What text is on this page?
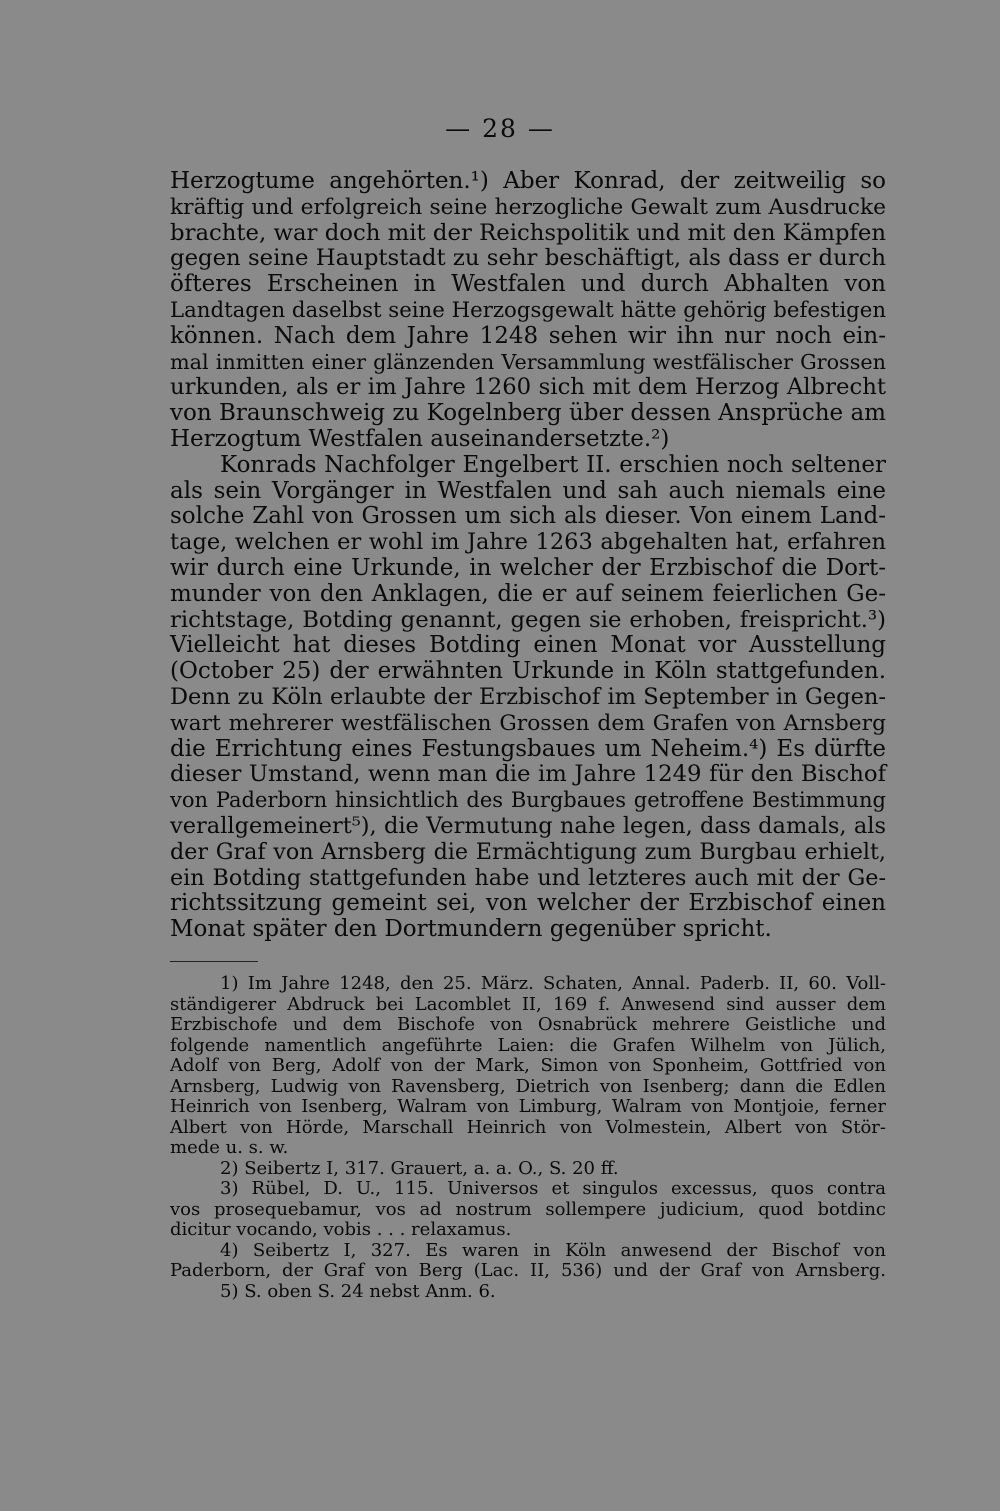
— 28 —
Herzogtume angehörten.¹) Aber Konrad, der zeitweilig so
kräftig und erfolgreich seine herzogliche Gewalt zum Ausdrucke
brachte, war doch mit der Reichspolitik und mit den Kämpfen
gegen seine Hauptstadt zu sehr beschäftigt, als dass er durch
öfteres Erscheinen in Westfalen und durch Abhalten von
Landtagen daselbst seine Herzogsgewalt hätte gehörig befestigen
können. Nach dem Jahre 1248 sehen wir ihn nur noch ein-
mal inmitten einer glänzenden Versammlung westfälischer Grossen
urkunden, als er im Jahre 1260 sich mit dem Herzog Albrecht
von Braunschweig zu Kogelnberg über dessen Ansprüche am
Herzogtum Westfalen auseinandersetzte.²)
Konrads Nachfolger Engelbert II. erschien noch seltener
als sein Vorgänger in Westfalen und sah auch niemals eine
solche Zahl von Grossen um sich als dieser. Von einem Land-
tage, welchen er wohl im Jahre 1263 abgehalten hat, erfahren
wir durch eine Urkunde, in welcher der Erzbischof die Dort-
munder von den Anklagen, die er auf seinem feierlichen Ge-
richtstage, Botding genannt, gegen sie erhoben, freispricht.³)
Vielleicht hat dieses Botding einen Monat vor Ausstellung
(October 25) der erwähnten Urkunde in Köln stattgefunden.
Denn zu Köln erlaubte der Erzbischof im September in Gegen-
wart mehrerer westfälischen Grossen dem Grafen von Arnsberg
die Errichtung eines Festungsbaues um Neheim.⁴) Es dürfte
dieser Umstand, wenn man die im Jahre 1249 für den Bischof
von Paderborn hinsichtlich des Burgbaues getroffene Bestimmung
verallgemeinert⁵), die Vermutung nahe legen, dass damals, als
der Graf von Arnsberg die Ermächtigung zum Burgbau erhielt,
ein Botding stattgefunden habe und letzteres auch mit der Ge-
richtssitzung gemeint sei, von welcher der Erzbischof einen
Monat später den Dortmundern gegenüber spricht.
1) Im Jahre 1248, den 25. März. Schaten, Annal. Paderb. II, 60. Voll-
ständigerer Abdruck bei Lacomblet II, 169 f. Anwesend sind ausser dem
Erzbischofe und dem Bischofe von Osnabrück mehrere Geistliche und
folgende namentlich angeführte Laien: die Grafen Wilhelm von Jülich,
Adolf von Berg, Adolf von der Mark, Simon von Sponheim, Gottfried von
Arnsberg, Ludwig von Ravensberg, Dietrich von Isenberg; dann die Edlen
Heinrich von Isenberg, Walram von Limburg, Walram von Montjoie, ferner
Albert von Hörde, Marschall Heinrich von Volmestein, Albert von Stör-
mede u. s. w.
2) Seibertz I, 317. Grauert, a. a. O., S. 20 ff.
3) Rübel, D. U., 115. Universos et singulos excessus, quos contra
vos prosequebamur, vos ad nostrum sollempere judicium, quod botdinc
dicitur vocando, vobis . . . relaxamus.
4) Seibertz I, 327. Es waren in Köln anwesend der Bischof von
Paderborn, der Graf von Berg (Lac. II, 536) und der Graf von Arnsberg.
5) S. oben S. 24 nebst Anm. 6.
